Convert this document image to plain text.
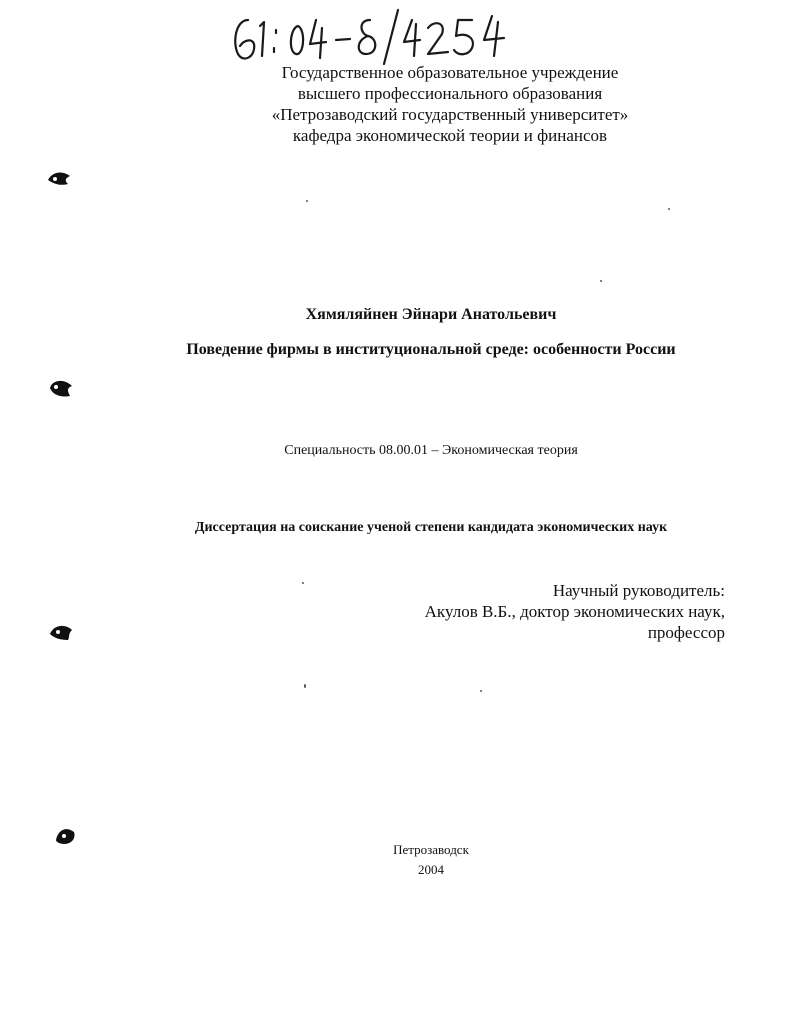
Государственное образовательное учреждение
высшего профессионального образования
«Петрозаводский государственный университет»
кафедра экономической теории и финансов
Хямяляйнен Эйнари Анатольевич
Поведение фирмы в институциональной среде: особенности России
Специальность 08.00.01 – Экономическая теория
Диссертация на соискание ученой степени кандидата экономических наук
Научный руководитель:
Акулов В.Б., доктор экономических наук,
профессор
Петрозаводск
2004
